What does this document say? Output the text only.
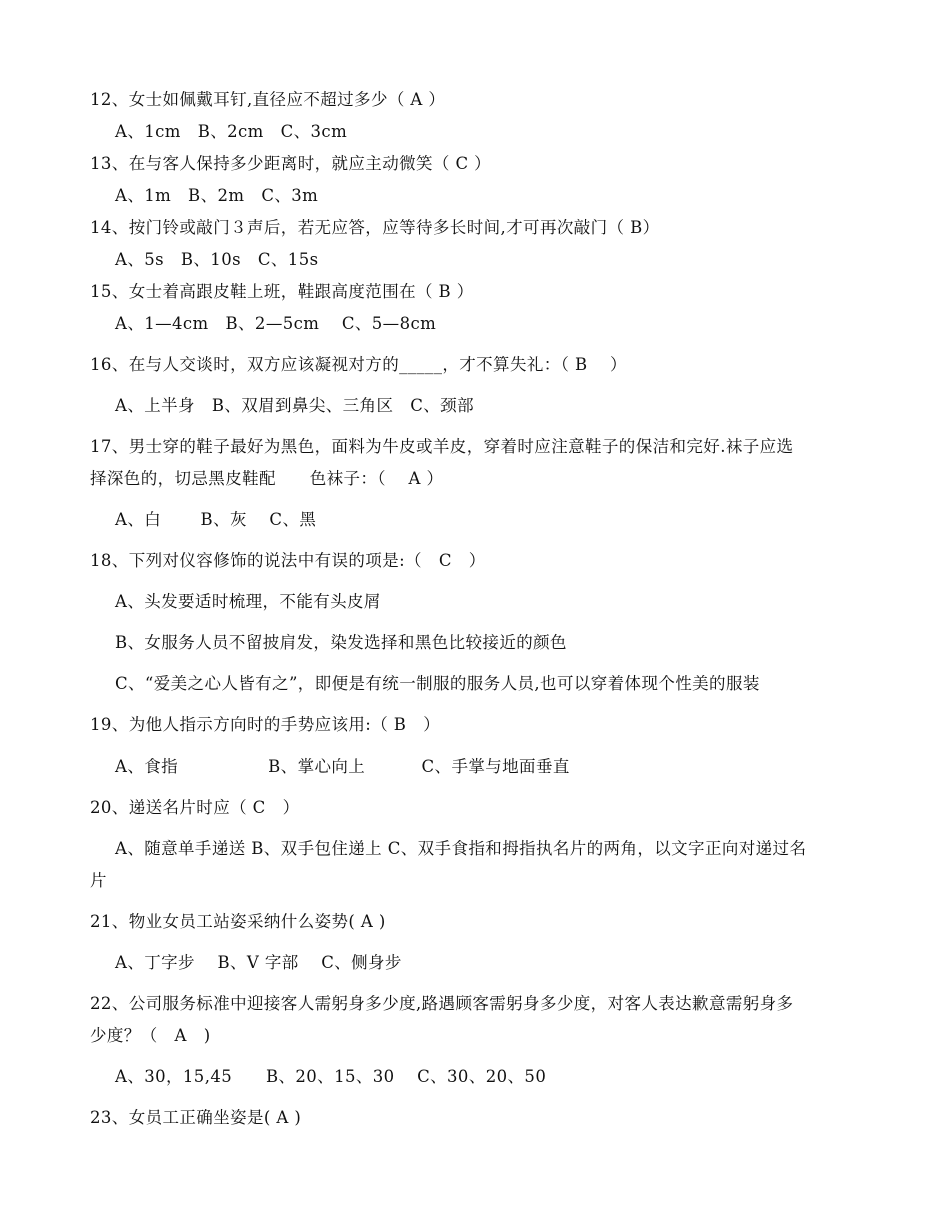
12、女士如佩戴耳钉,直径应不超过多少（ A ）
A、1cm　B、2cm　C、3cm
13、在与客人保持多少距离时，就应主动微笑（ C ）
A、1m　B、2m　C、3m
14、按门铃或敲门３声后，若无应答，应等待多长时间,才可再次敲门（ B）
A、5s　B、10s　C、15s
15、女士着高跟皮鞋上班，鞋跟高度范围在（ B ）
A、1—4cm　B、2—5cm　 C、5—8cm
16、在与人交谈时，双方应该凝视对方的_____，才不算失礼：（ B　 ）
A、上半身　B、双眉到鼻尖、三角区　C、颈部
17、男士穿的鞋子最好为黑色，面料为牛皮或羊皮，穿着时应注意鞋子的保洁和完好.袜子应选
择深色的，切忌黑皮鞋配　　色袜子：（　 A ）
A、白　　 B、灰　 C、黑
18、下列对仪容修饰的说法中有误的项是:（　C　）
A、头发要适时梳理，不能有头皮屑
B、女服务人员不留披肩发，染发选择和黑色比较接近的颜色
C、“爱美之心人皆有之”，即便是有统一制服的服务人员,也可以穿着体现个性美的服装
19、为他人指示方向时的手势应该用:（ B　）
A、食指　　　　　 B、掌心向上　　　 C、手掌与地面垂直
20、递送名片时应（ C　）
A、随意单手递送 B、双手包住递上 C、双手食指和拇指执名片的两角，以文字正向对递过名
片
21、物业女员工站姿采纳什么姿势( A )
A、丁字步　 B、V 字部　 C、侧身步
22、公司服务标准中迎接客人需躬身多少度,路遇顾客需躬身多少度，对客人表达歉意需躬身多
少度？（　A　)
A、30，15,45　　B、20、15、30　 C、30、20、50
23、女员工正确坐姿是( A )
